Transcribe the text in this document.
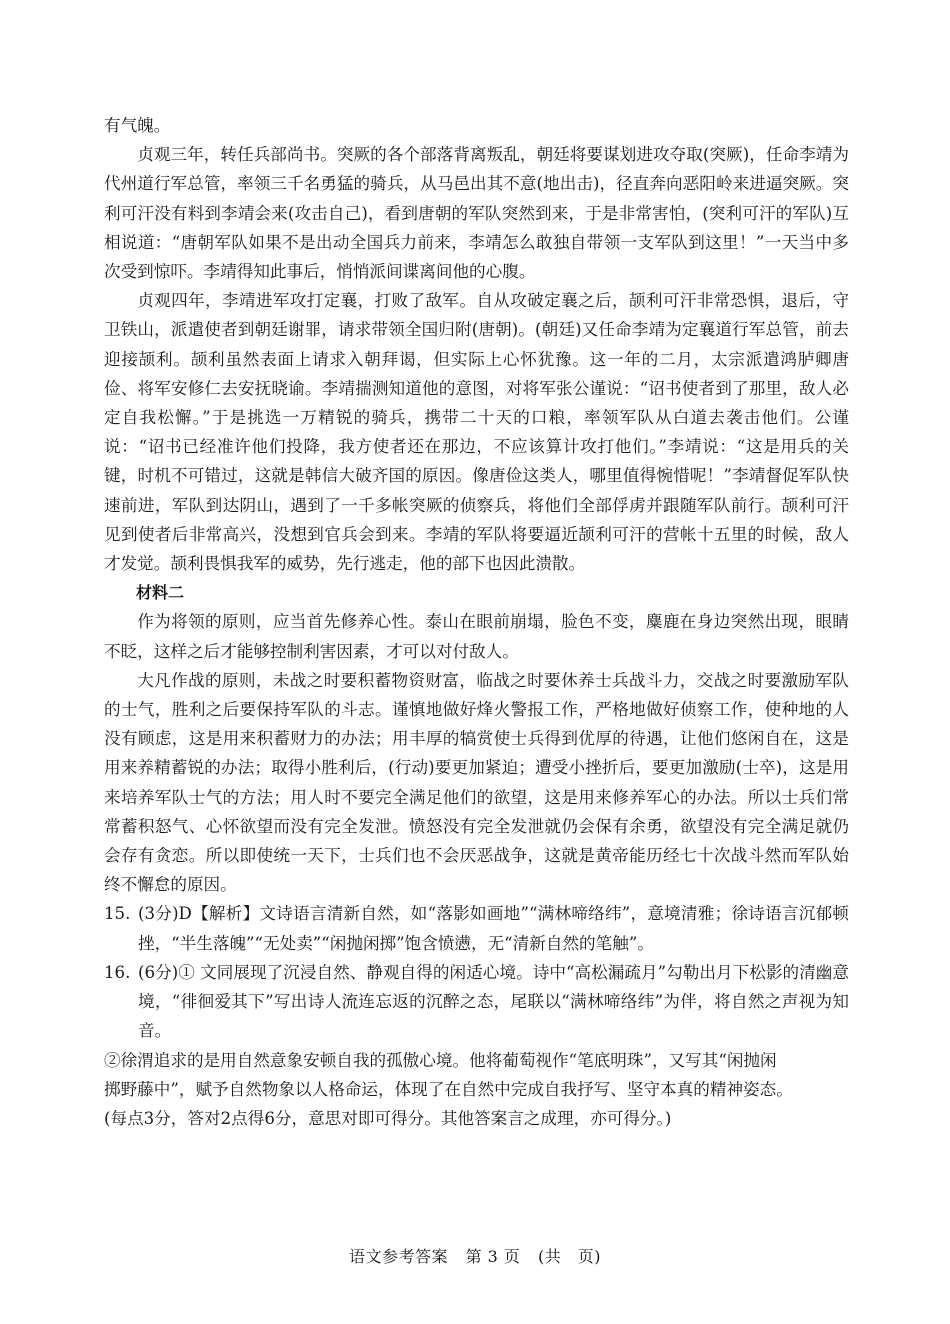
有气魄。

贞观三年，转任兵部尚书。突厥的各个部落背离叛乱，朝廷将要谋划进攻夺取(突厥)，任命李靖为代州道行军总管，率领三千名勇猛的骑兵，从马邑出其不意(地出击)，径直奔向恶阳岭来进逼突厥。突利可汗没有料到李靖会来(攻击自己)，看到唐朝的军队突然到来，于是非常害怕，(突利可汗的军队)互相说道：“唐朝军队如果不是出动全国兵力前来，李靖怎么敢独自带领一支军队到这里！”一天当中多次受到惊吓。李靖得知此事后，悄悄派间谍离间他的心腹。

贞观四年，李靖进军攻打定襄，打败了敌军。自从攻破定襄之后，颉利可汗非常恐惧，退后，守卫铁山，派遣使者到朝廷谢罪，请求带领全国归附(唐朝)。(朝廷)又任命李靖为定襄道行军总管，前去迎接颉利。颉利虽然表面上请求入朝拜谒，但实际上心怀犹豫。这一年的二月，太宗派遣鸿胪卿唐俭、将军安修仁去安抚晓谕。李靖揣测知道他的意图，对将军张公谨说：“诏书使者到了那里，敌人必定自我松懈。”于是挑选一万精锐的骑兵，携带二十天的口粮，率领军队从白道去袭击他们。公谨说：“诏书已经准许他们投降，我方使者还在那边，不应该算计攻打他们。”李靖说：“这是用兵的关键，时机不可错过，这就是韩信大破齐国的原因。像唐俭这类人，哪里值得惋惜呢！”李靖督促军队快速前进，军队到达阴山，遇到了一千多帐突厥的侦察兵，将他们全部俘虏并跟随军队前行。颉利可汗见到使者后非常高兴，没想到官兵会到来。李靖的军队将要逼近颉利可汗的营帐十五里的时候，敌人才发觉。颉利畏惧我军的威势，先行逃走，他的部下也因此溃散。

材料二

作为将领的原则，应当首先修养心性。泰山在眼前崩塌，脸色不变，麋鹿在身边突然出现，眼睛不眨，这样之后才能够控制利害因素，才可以对付敌人。

大凡作战的原则，未战之时要积蓄物资财富，临战之时要休养士兵战斗力，交战之时要激励军队的士气，胜利之后要保持军队的斗志。谨慎地做好烽火警报工作，严格地做好侦察工作，使种地的人没有顾虑，这是用来积蓄财力的办法；用丰厚的犒赏使士兵得到优厚的待遇，让他们悠闲自在，这是用来养精蓄锐的办法；取得小胜利后，(行动)要更加紧迫；遭受小挫折后，要更加激励(士卒)，这是用来培养军队士气的方法；用人时不要完全满足他们的欲望，这是用来修养军心的办法。所以士兵们常常蓄积怒气、心怀欲望而没有完全发泄。愤怒没有完全发泄就仍会保有余勇，欲望没有完全满足就仍会存有贪恋。所以即使统一天下，士兵们也不会厌恶战争，这就是黄帝能历经七十次战斗然而军队始终不懈怠的原因。

15. (3分)D【解析】文诗语言清新自然，如“落影如画地”“满林啼络纬”，意境清雅；徐诗语言沉郁顿挫，“半生落魄”“无处卖”“闲抛闲掷”饱含愤懑，无“清新自然的笔触”。
16. (6分)① 文同展现了沉浸自然、静观自得的闲适心境。诗中“高松漏疏月”勾勒出月下松影的清幽意境，“徘徊爱其下”写出诗人流连忘返的沉醉之态，尾联以“满林啼络纬”为伴，将自然之声视为知音。

②徐渭追求的是用自然意象安顿自我的孤傲心境。他将葡萄视作“笔底明珠”，又写其“闲抛闲

掷野藤中”，赋予自然物象以人格命运，体现了在自然中完成自我抒写、坚守本真的精神姿态。

(每点3分，答对2点得6分，意思对即可得分。其他答案言之成理，亦可得分。)

语文参考答案 第 3 页 (共　页)
